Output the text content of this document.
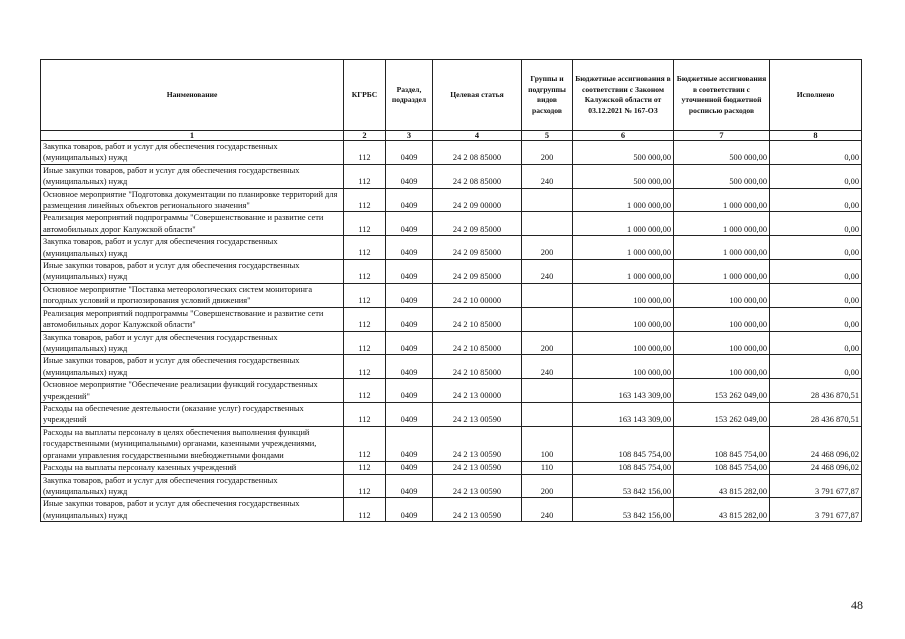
Наименование	КГРБС	Раздел, подраздел	Целевая статья	Группы и подгруппы видов расходов	Бюджетные ассигнования в соответствии с Законом Калужской области от 03.12.2021 № 167-ОЗ	Бюджетные ассигнования в соответствии с уточненной бюджетной росписью расходов	Исполнено
1	2	3	4	5	6	7	8
Закупка товаров, работ и услуг для обеспечения государственных (муниципальных) нужд	112	0409	24 2 08 85000	200	500 000,00	500 000,00	0,00
Иные закупки товаров, работ и услуг для обеспечения государственных (муниципальных) нужд	112	0409	24 2 08 85000	240	500 000,00	500 000,00	0,00
Основное мероприятие "Подготовка документации по планировке территорий для размещения линейных объектов регионального значения"	112	0409	24 2 09 00000		1 000 000,00	1 000 000,00	0,00
Реализация мероприятий подпрограммы "Совершенствование и развитие сети автомобильных дорог Калужской области"	112	0409	24 2 09 85000		1 000 000,00	1 000 000,00	0,00
Закупка товаров, работ и услуг для обеспечения государственных (муниципальных) нужд	112	0409	24 2 09 85000	200	1 000 000,00	1 000 000,00	0,00
Иные закупки товаров, работ и услуг для обеспечения государственных (муниципальных) нужд	112	0409	24 2 09 85000	240	1 000 000,00	1 000 000,00	0,00
Основное мероприятие "Поставка метеорологических систем мониторинга погодных условий и прогнозирования условий движения"	112	0409	24 2 10 00000		100 000,00	100 000,00	0,00
Реализация мероприятий подпрограммы "Совершенствование и развитие сети автомобильных дорог Калужской области"	112	0409	24 2 10 85000		100 000,00	100 000,00	0,00
Закупка товаров, работ и услуг для обеспечения государственных (муниципальных) нужд	112	0409	24 2 10 85000	200	100 000,00	100 000,00	0,00
Иные закупки товаров, работ и услуг для обеспечения государственных (муниципальных) нужд	112	0409	24 2 10 85000	240	100 000,00	100 000,00	0,00
Основное мероприятие "Обеспечение реализации функций государственных учреждений"	112	0409	24 2 13 00000		163 143 309,00	153 262 049,00	28 436 870,51
Расходы на обеспечение деятельности (оказание услуг) государственных учреждений	112	0409	24 2 13 00590		163 143 309,00	153 262 049,00	28 436 870,51
Расходы на выплаты персоналу в целях обеспечения выполнения функций государственными (муниципальными) органами, казенными учреждениями, органами управления государственными внебюджетными фондами	112	0409	24 2 13 00590	100	108 845 754,00	108 845 754,00	24 468 096,02
Расходы на выплаты персоналу казенных учреждений	112	0409	24 2 13 00590	110	108 845 754,00	108 845 754,00	24 468 096,02
Закупка товаров, работ и услуг для обеспечения государственных (муниципальных) нужд	112	0409	24 2 13 00590	200	53 842 156,00	43 815 282,00	3 791 677,87
Иные закупки товаров, работ и услуг для обеспечения государственных (муниципальных) нужд	112	0409	24 2 13 00590	240	53 842 156,00	43 815 282,00	3 791 677,87
48
